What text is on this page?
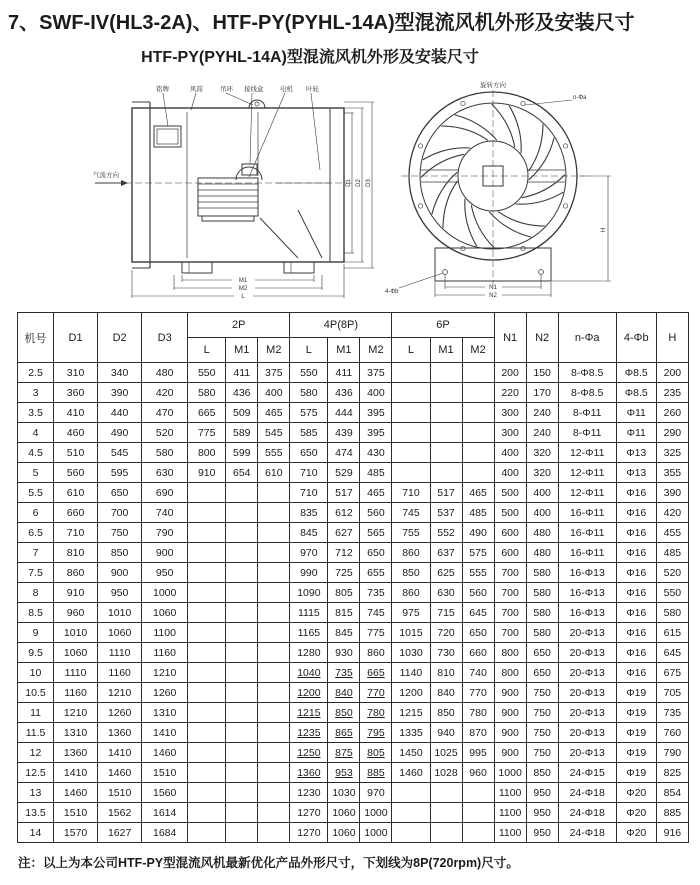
7、SWF-IV(HL3-2A)、HTF-PY(PYHL-14A)型混流风机外形及安装尺寸
HTF-PY(PYHL-14A)型混流风机外形及安装尺寸
铭牌	风筒	吊环 接线盒	电机 叶轮
气流方向
D1 D2 D3
M1
M2
L
旋转方向
n-Φa
H
4-Φb
N1
N2
机号	D1	D2	D3	2P			4P(8P)			6P			N1	N2	n-Φa	4-Φb	H
				L	M1	M2	L	M1	M2	L	M1	M2					
2.5	310	340	480	550	411	375	550	411	375				200	150	8-Φ8.5	Φ8.5	200
3	360	390	420	580	436	400	580	436	400				220	170	8-Φ8.5	Φ8.5	235
3.5	410	440	470	665	509	465	575	444	395				300	240	8-Φ11	Φ11	260
4	460	490	520	775	589	545	585	439	395				300	240	8-Φ11	Φ11	290
4.5	510	545	580	800	599	555	650	474	430				400	320	12-Φ11	Φ13	325
5	560	595	630	910	654	610	710	529	485				400	320	12-Φ11	Φ13	355
5.5	610	650	690				710	517	465	710	517	465	500	400	12-Φ11	Φ16	390
6	660	700	740				835	612	560	745	537	485	500	400	16-Φ11	Φ16	420
6.5	710	750	790				845	627	565	755	552	490	600	480	16-Φ11	Φ16	455
7	810	850	900				970	712	650	860	637	575	600	480	16-Φ11	Φ16	485
7.5	860	900	950				990	725	655	850	625	555	700	580	16-Φ13	Φ16	520
8	910	950	1000				1090	805	735	860	630	560	700	580	16-Φ13	Φ16	550
8.5	960	1010	1060				1115	815	745	975	715	645	700	580	16-Φ13	Φ16	580
9	1010	1060	1100				1165	845	775	1015	720	650	700	580	20-Φ13	Φ16	615
9.5	1060	1110	1160				1280	930	860	1030	730	660	800	650	20-Φ13	Φ16	645
10	1110	1160	1210				1040	735	665	1140	810	740	800	650	20-Φ13	Φ16	675
10.5	1160	1210	1260				1200	840	770	1200	840	770	900	750	20-Φ13	Φ19	705
11	1210	1260	1310				1215	850	780	1215	850	780	900	750	20-Φ13	Φ19	735
11.5	1310	1360	1410				1235	865	795	1335	940	870	900	750	20-Φ13	Φ19	760
12	1360	1410	1460				1250	875	805	1450	1025	995	900	750	20-Φ13	Φ19	790
12.5	1410	1460	1510				1360	953	885	1460	1028	960	1000	850	24-Φ15	Φ19	825
13	1460	1510	1560				1230	1030	970				1100	950	24-Φ18	Φ20	854
13.5	1510	1562	1614				1270	1060	1000				1100	950	24-Φ18	Φ20	885
14	1570	1627	1684				1270	1060	1000				1100	950	24-Φ18	Φ20	916
注：以上为本公司HTF-PY型混流风机最新优化产品外形尺寸，下划线为8P(720rpm)尺寸。
